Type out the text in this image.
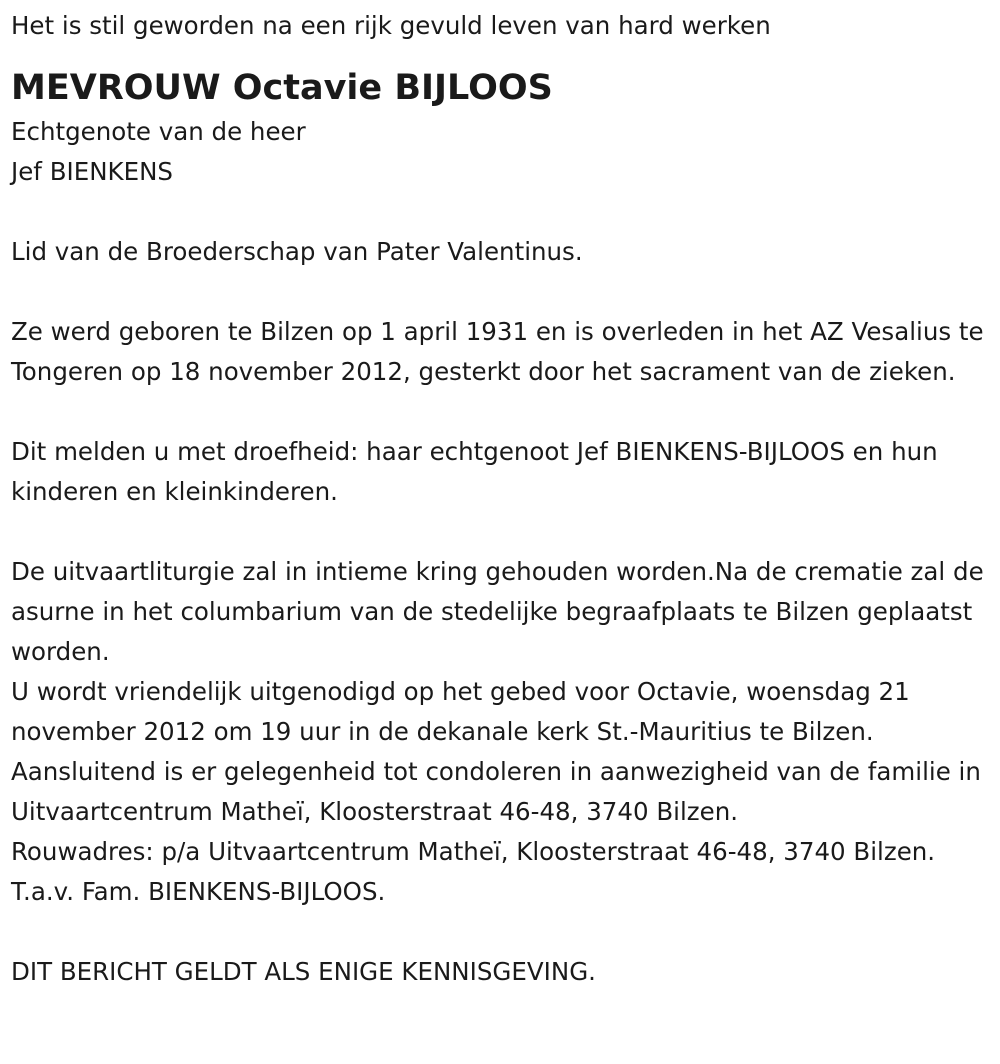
Het is stil geworden na een rijk gevuld leven van hard werken

MEVROUW Octavie BIJLOOS

Echtgenote van de heer

Jef BIENKENS

Lid van de Broederschap van Pater Valentinus.

Ze werd geboren te Bilzen op 1 april 1931 en is overleden in het AZ Vesalius te Tongeren op 18 november 2012, gesterkt door het sacrament van de zieken.

Dit melden u met droefheid: haar echtgenoot Jef BIENKENS-BIJLOOS en hun kinderen en kleinkinderen.

De uitvaartliturgie zal in intieme kring gehouden worden.Na de crematie zal de asurne in het columbarium van de stedelijke begraafplaats te Bilzen geplaatst worden.

U wordt vriendelijk uitgenodigd op het gebed voor Octavie, woensdag 21 november 2012 om 19 uur in de dekanale kerk St.-Mauritius te Bilzen.

Aansluitend is er gelegenheid tot condoleren in aanwezigheid van de familie in Uitvaartcentrum Matheï, Kloosterstraat 46-48, 3740 Bilzen.

Rouwadres: p/a Uitvaartcentrum Matheï, Kloosterstraat 46-48, 3740 Bilzen. T.a.v. Fam. BIENKENS-BIJLOOS.

DIT BERICHT GELDT ALS ENIGE KENNISGEVING.
